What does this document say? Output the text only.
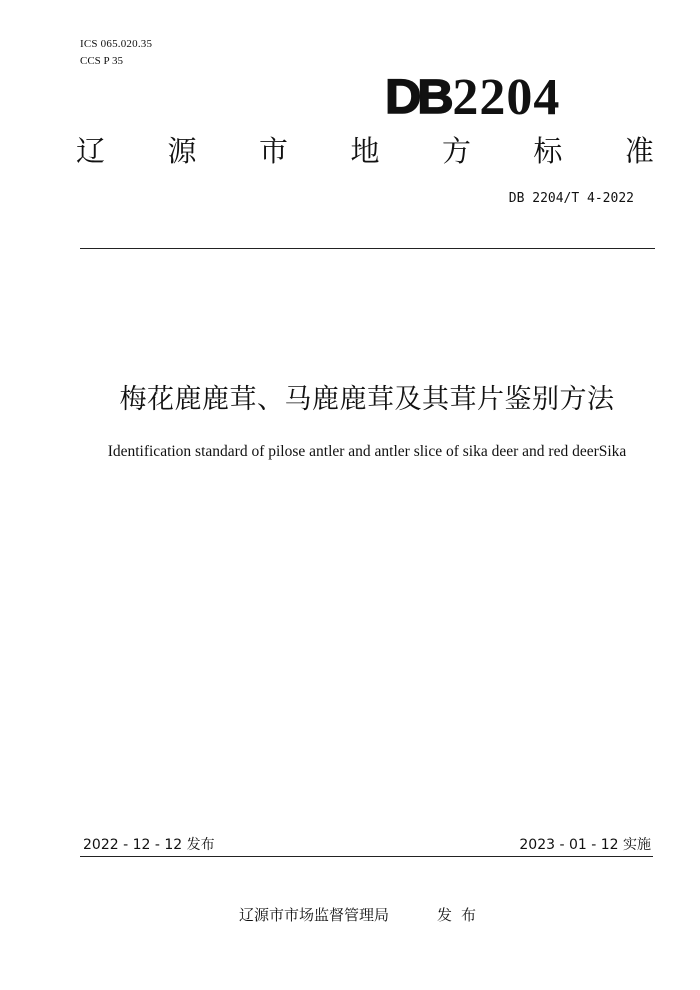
ICS 065.020.35
CCS P 35
DB 2204
辽 源 市 地 方 标 准
DB 2204/T 4-2022
梅花鹿鹿茸、马鹿鹿茸及其茸片鉴别方法
Identification standard of pilose antler and antler slice of sika deer and red deerSika
2022 - 12 - 12 发布	2023 - 01 - 12 实施
辽源市市场监督管理局	发布
